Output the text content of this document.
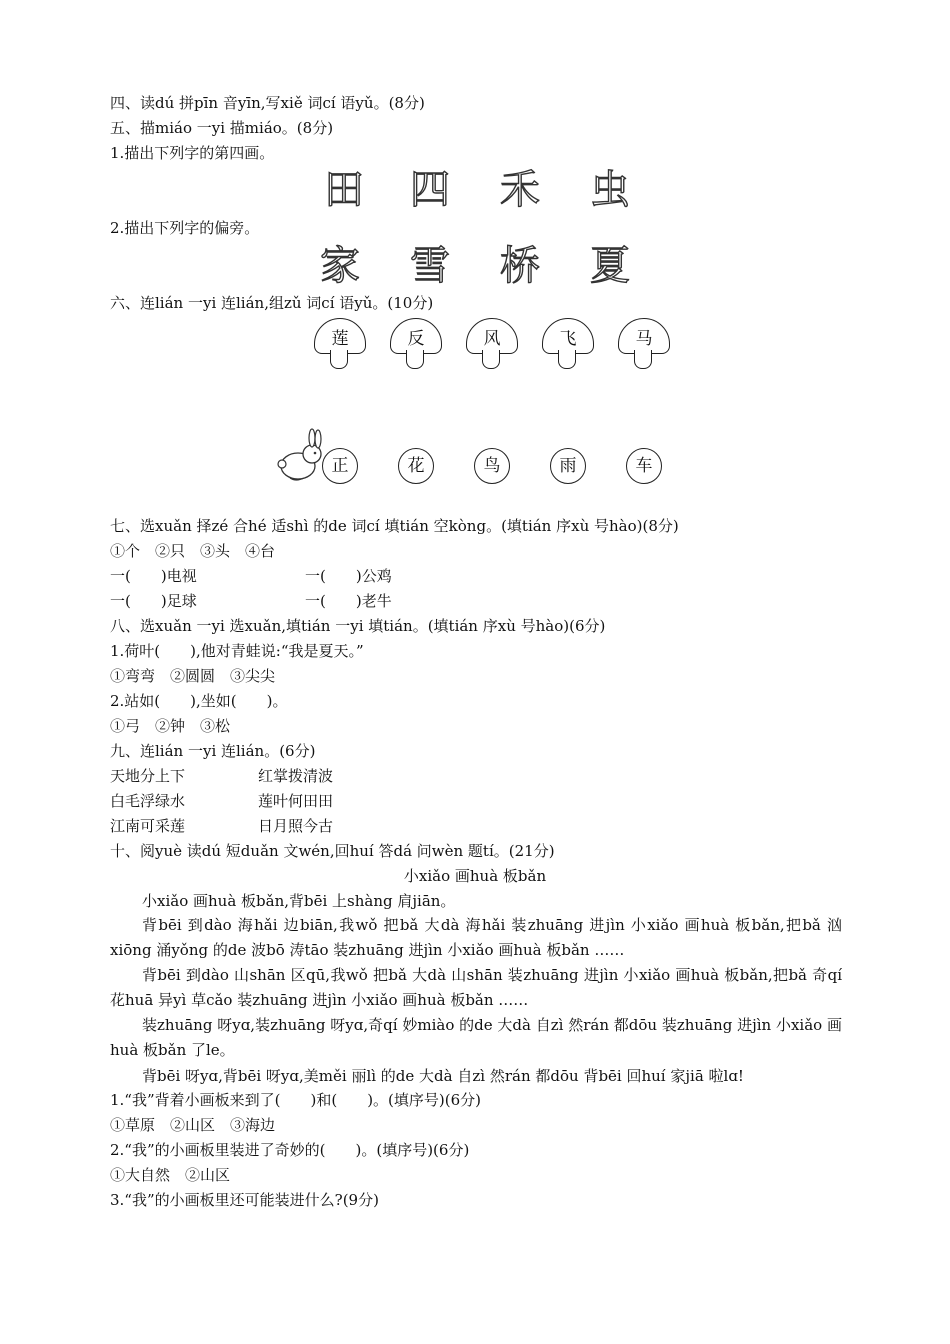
四、读dú 拼pīn 音yīn,写xiě 词cí 语yǔ。(8分)
五、描miáo 一yi 描miáo。(8分)
1.描出下列字的第四画。
田 四 禾 虫
2.描出下列字的偏旁。
家 雪 桥 夏
六、连lián 一yi 连lián,组zǔ 词cí 语yǔ。(10分)
莲	反	风	飞	马
正	花	鸟	雨	车
七、选xuǎn 择zé 合hé 适shì 的de 词cí 填tián 空kòng。(填tián 序xù 号hào)(8分)
①个　②只　③头　④台
一(　　)电视	一(　　)公鸡
一(　　)足球	一(　　)老牛
八、选xuǎn 一yi 选xuǎn,填tián 一yi 填tián。(填tián 序xù 号hào)(6分)
1.荷叶(　　),他对青蛙说:“我是夏天。”
①弯弯　②圆圆　③尖尖
2.站如(　　),坐如(　　)。
①弓　②钟　③松
九、连lián 一yi 连lián。(6分)
天地分上下	红掌拨清波
白毛浮绿水	莲叶何田田
江南可采莲	日月照今古
十、阅yuè 读dú 短duǎn 文wén,回huí 答dá 问wèn 题tí。(21分)
小xiǎo 画huà 板bǎn
小xiǎo 画huà 板bǎn,背bēi 上shàng 肩jiān。
背bēi 到dào 海hǎi 边biān,我wǒ 把bǎ 大dà 海hǎi 装zhuāng 进jìn 小xiǎo 画huà 板bǎn,把bǎ 汹xiōng 涌yǒng 的de 波bō 涛tāo 装zhuāng 进jìn 小xiǎo 画huà 板bǎn ……
背bēi 到dào 山shān 区qū,我wǒ 把bǎ 大dà 山shān 装zhuāng 进jìn 小xiǎo 画huà 板bǎn,把bǎ 奇qí 花huā 异yì 草cǎo 装zhuāng 进jìn 小xiǎo 画huà 板bǎn ……
装zhuāng 呀yɑ,装zhuāng 呀yɑ,奇qí 妙miào 的de 大dà 自zì 然rán 都dōu 装zhuāng 进jìn 小xiǎo 画huà 板bǎn 了le。
背bēi 呀yɑ,背bēi 呀yɑ,美měi 丽lì 的de 大dà 自zì 然rán 都dōu 背bēi 回huí 家jiā 啦lɑ!
1.“我”背着小画板来到了(　　)和(　　)。(填序号)(6分)
①草原　②山区　③海边
2.“我”的小画板里装进了奇妙的(　　)。(填序号)(6分)
①大自然　②山区
3.“我”的小画板里还可能装进什么?(9分)
